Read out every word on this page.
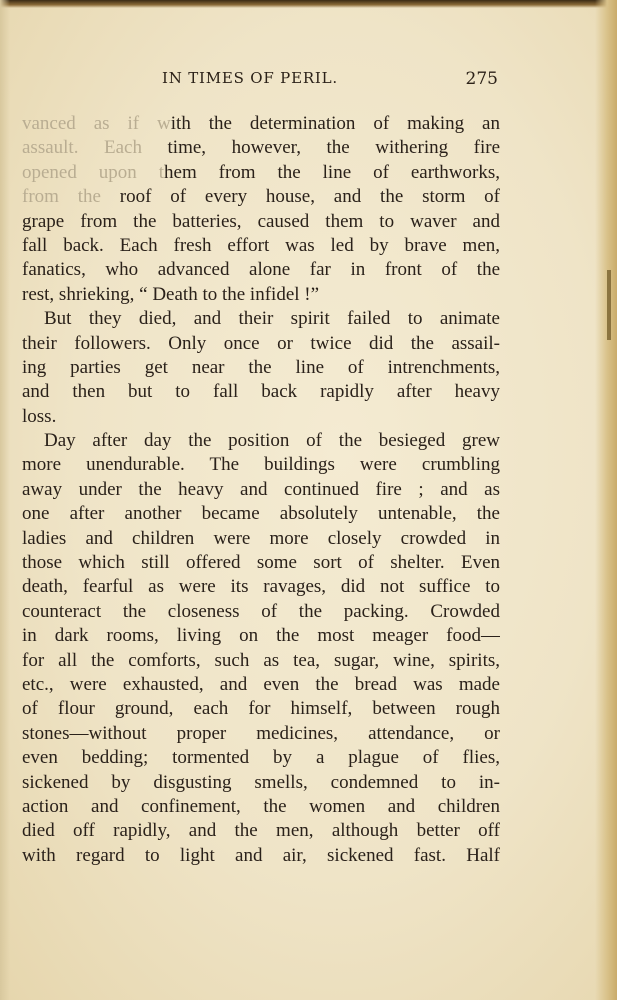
IN TIMES OF PERIL.	275
vanced as if with the determination of making an
assault. Each time, however, the withering fire
opened upon them from the line of earthworks,
from the roof of every house, and the storm of
grape from the batteries, caused them to waver and
fall back. Each fresh effort was led by brave men,
fanatics, who advanced alone far in front of the
rest, shrieking, “ Death to the infidel !”
But they died, and their spirit failed to animate
their followers. Only once or twice did the assail-
ing parties get near the line of intrenchments,
and then but to fall back rapidly after heavy
loss.
Day after day the position of the besieged grew
more unendurable. The buildings were crumbling
away under the heavy and continued fire ; and as
one after another became absolutely untenable, the
ladies and children were more closely crowded in
those which still offered some sort of shelter. Even
death, fearful as were its ravages, did not suffice to
counteract the closeness of the packing. Crowded
in dark rooms, living on the most meager food—
for all the comforts, such as tea, sugar, wine, spirits,
etc., were exhausted, and even the bread was made
of flour ground, each for himself, between rough
stones—without proper medicines, attendance, or
even bedding; tormented by a plague of flies,
sickened by disgusting smells, condemned to in-
action and confinement, the women and children
died off rapidly, and the men, although better off
with regard to light and air, sickened fast. Half
